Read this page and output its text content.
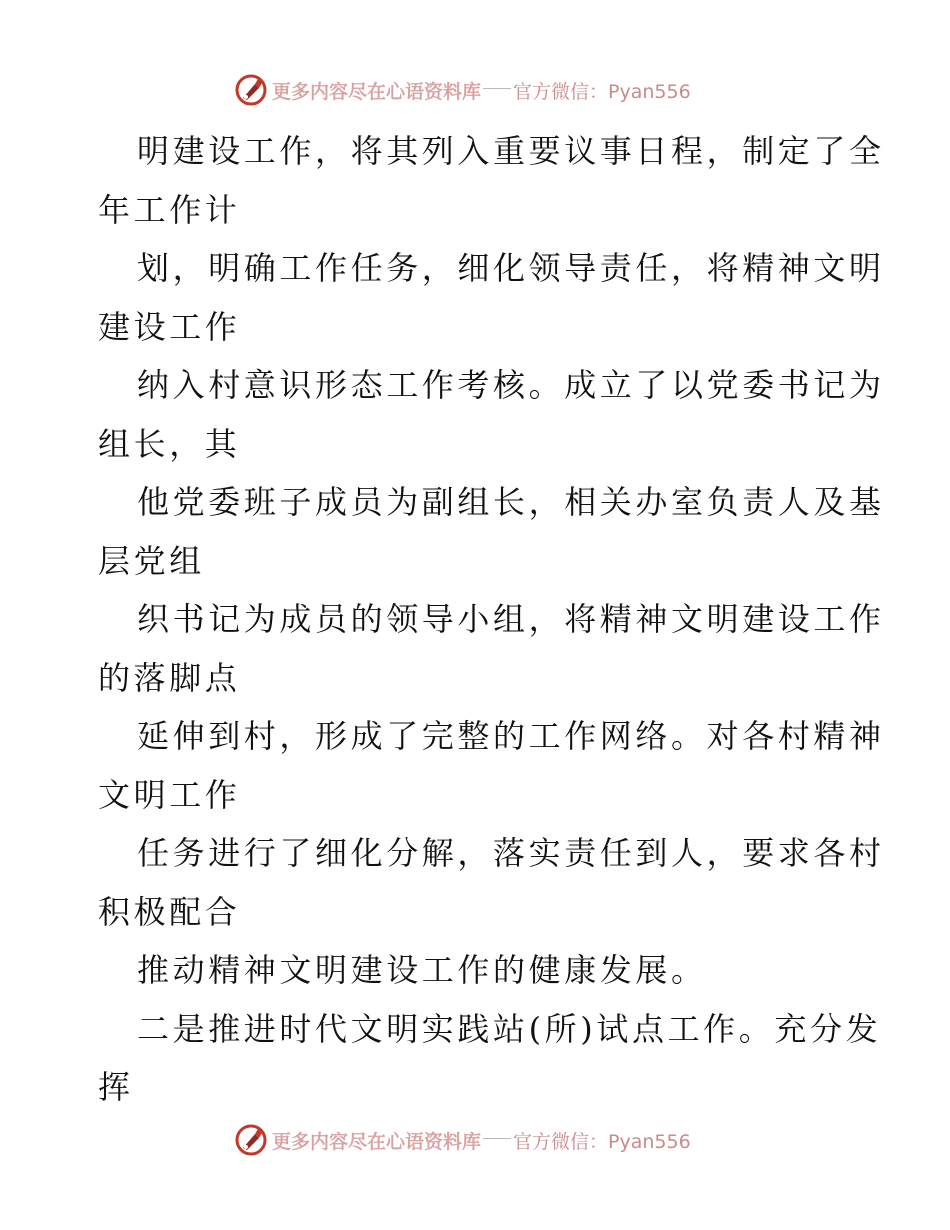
更多内容尽在心语资料库 官方微信：Pyan556
明建设工作，将其列入重要议事日程，制定了全
年工作计
划，明确工作任务，细化领导责任，将精神文明
建设工作
纳入村意识形态工作考核。成立了以党委书记为
组长，其
他党委班子成员为副组长，相关办室负责人及基
层党组
织书记为成员的领导小组，将精神文明建设工作
的落脚点
延伸到村，形成了完整的工作网络。对各村精神
文明工作
任务进行了细化分解，落实责任到人，要求各村
积极配合
推动精神文明建设工作的健康发展。
二是推进时代文明实践站(所)试点工作。充分发
挥
更多内容尽在心语资料库 官方微信：Pyan556
